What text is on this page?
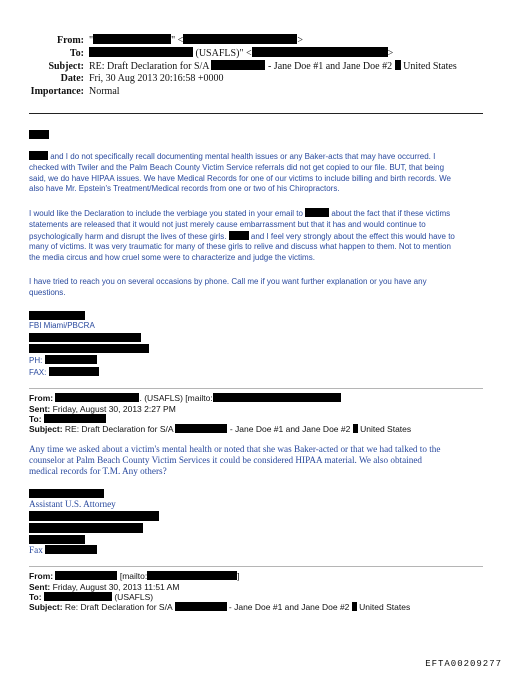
From: "	" <	>
To:	(USAFLS)" <	>
Subject: RE: Draft Declaration for S/A	- Jane Doe #1 and Jane Doe #2 United States
Date: Fri, 30 Aug 2013 20:16:58 +0000
Importance: Normal
and I do not specifically recall documenting mental health issues or any Baker-acts that may have occurred. I
checked with Twiler and the Palm Beach County Victim Service referrals did not get copied to our file. BUT, that being
said, we do have HIPAA issues. We have Medical Records for one of our victims to include billing and birth records. We
also have Mr. Epstein's Treatment/Medical records from one or two of his Chiropractors.
I would like the Declaration to include the verbiage you stated in your email to	about the fact that if these victims
statements are released that it would not just merely cause embarrassment but that it has and would continue to
psychologically harm and disrupt the lives of these girls.	and I feel very strongly about the effect this would have to
many of victims. It was very traumatic for many of these girls to relive and discuss what happen to them. Not to mention
the media circus and how cruel some were to characterize and judge the victims.
I have tried to reach you on several occasions by phone. Call me if you want further explanation or you have any
questions.
FBI Miami/PBCRA
PH:
FAX:
From:	. (USAFLS) [mailto:
Sent: Friday, August 30, 2013 2:27 PM
To:
Subject: RE: Draft Declaration for S/A	- Jane Doe #1 and Jane Doe #2 United States
Any time we asked about a victim's mental health or noted that she was Baker-acted or that we had talked to the
counselor at Palm Beach County Victim Services it could be considered HIPAA material. We also obtained
medical records for T.M. Any others?
Assistant U.S. Attorney
Fax
From:	[mailto:	]
Sent: Friday, August 30, 2013 11:51 AM
To:	(USAFLS)
Subject: Re: Draft Declaration for S/A	- Jane Doe #1 and Jane Doe #2 United States
EFTA00209277
